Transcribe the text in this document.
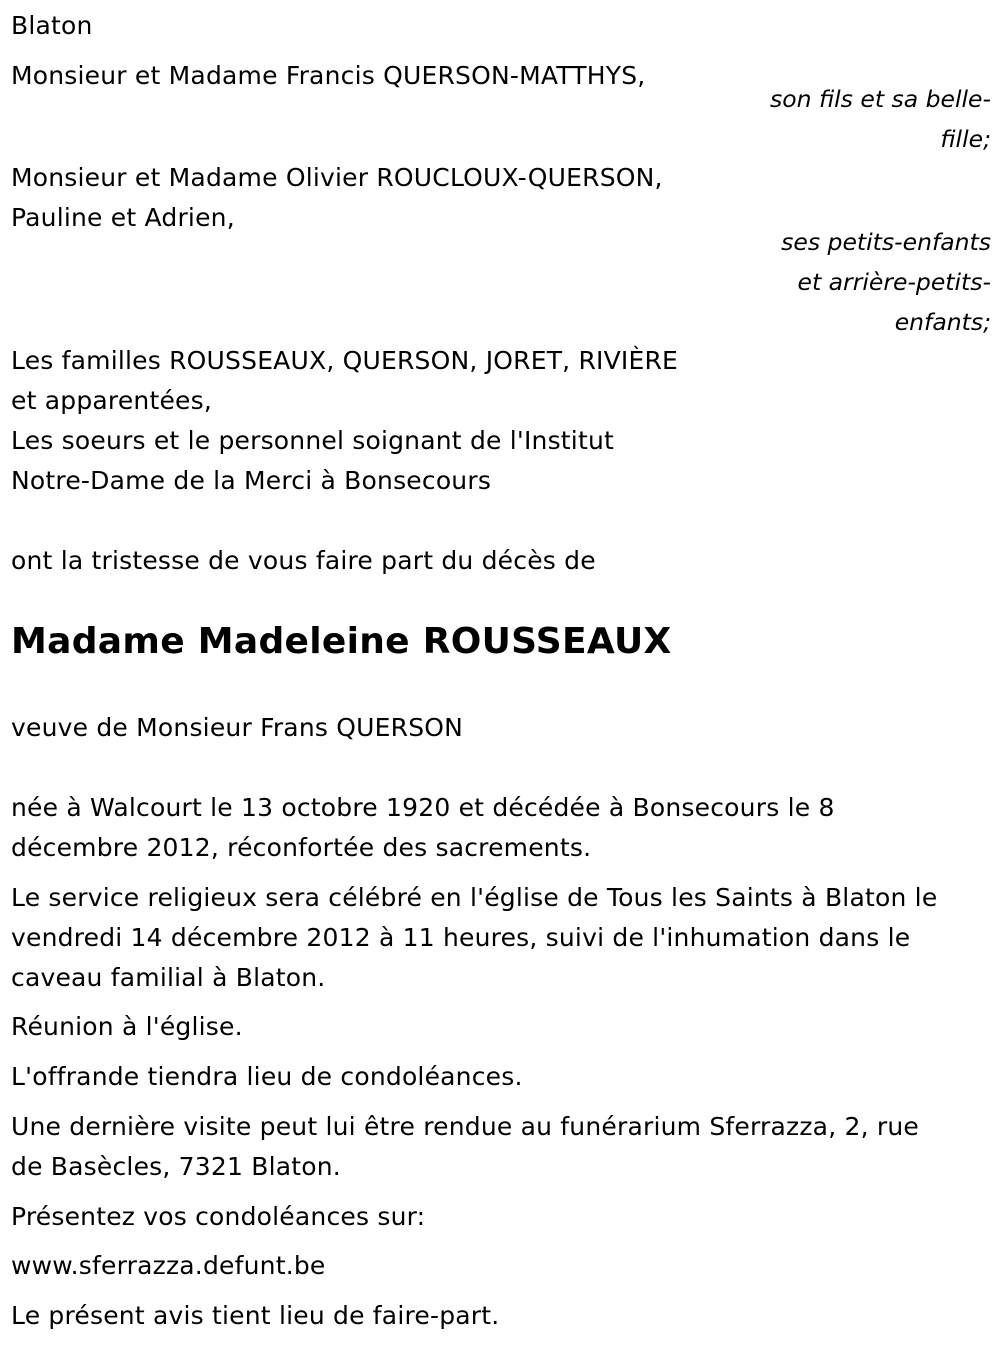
Blaton
Monsieur et Madame Francis QUERSON-MATTHYS,
son fils et sa belle-
fille;
Monsieur et Madame Olivier ROUCLOUX-QUERSON,
Pauline et Adrien,
ses petits-enfants
et arrière-petits-
enfants;
Les familles ROUSSEAUX, QUERSON, JORET, RIVIÈRE
et apparentées,
Les soeurs et le personnel soignant de l'Institut
Notre-Dame de la Merci à Bonsecours
ont la tristesse de vous faire part du décès de
Madame Madeleine ROUSSEAUX
veuve de Monsieur Frans QUERSON
née à Walcourt le 13 octobre 1920 et décédée à Bonsecours le 8
décembre 2012, réconfortée des sacrements.
Le service religieux sera célébré en l'église de Tous les Saints à Blaton le
vendredi 14 décembre 2012 à 11 heures, suivi de l'inhumation dans le
caveau familial à Blaton.
Réunion à l'église.
L'offrande tiendra lieu de condoléances.
Une dernière visite peut lui être rendue au funérarium Sferrazza, 2, rue
de Basècles, 7321 Blaton.
Présentez vos condoléances sur:
www.sferrazza.defunt.be
Le présent avis tient lieu de faire-part.
